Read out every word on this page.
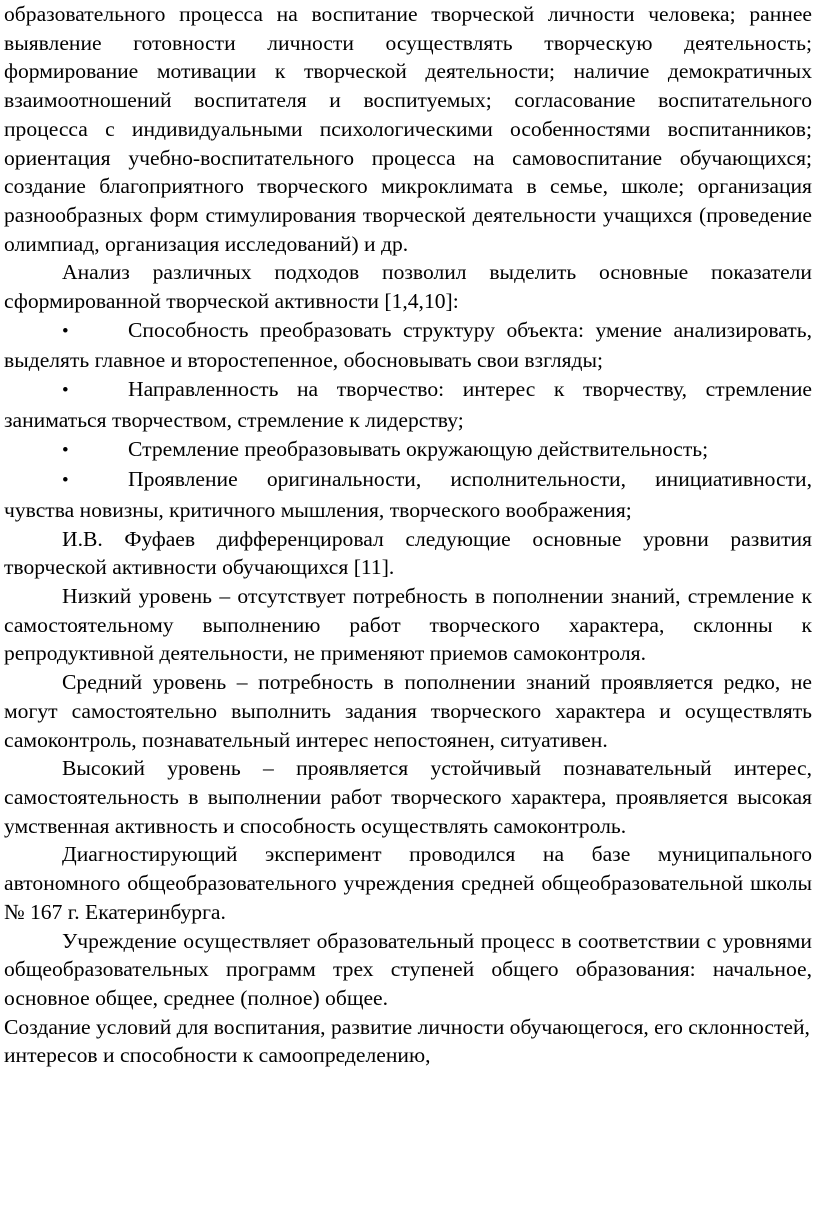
образовательного процесса на воспитание творческой личности человека; раннее выявление готовности личности осуществлять творческую деятельность; формирование мотивации к творческой деятельности; наличие демократичных взаимоотношений воспитателя и воспитуемых; согласование воспитательного процесса с индивидуальными психологическими особенностями воспитанников; ориентация учебно-воспитательного процесса на самовоспитание обучающихся; создание благоприятного творческого микроклимата в семье, школе; организация разнообразных форм стимулирования творческой деятельности учащихся (проведение олимпиад, организация исследований) и др.

Анализ различных подходов позволил выделить основные показатели сформированной творческой активности [1,4,10]:

•	Способность преобразовать структуру объекта: умение анализировать, выделять главное и второстепенное, обосновывать свои взгляды;

•	Направленность на творчество: интерес к творчеству, стремление заниматься творчеством, стремление к лидерству;

•	Стремление преобразовывать окружающую действительность;

•	Проявление оригинальности, исполнительности, инициативности, чувства новизны, критичного мышления, творческого воображения;

И.В. Фуфаев дифференцировал следующие основные уровни развития творческой активности обучающихся [11].

Низкий уровень – отсутствует потребность в пополнении знаний, стремление к самостоятельному выполнению работ творческого характера, склонны к репродуктивной деятельности, не применяют приемов самоконтроля.

Средний уровень – потребность в пополнении знаний проявляется редко, не могут самостоятельно выполнить задания творческого характера и осуществлять самоконтроль, познавательный интерес непостоянен, ситуативен.

Высокий уровень – проявляется устойчивый познавательный интерес, самостоятельность в выполнении работ творческого характера, проявляется высокая умственная активность и способность осуществлять самоконтроль.

Диагностирующий эксперимент проводился на базе муниципального автономного общеобразовательного учреждения средней общеобразовательной школы № 167 г. Екатеринбурга.

Учреждение осуществляет образовательный процесс в соответствии с уровнями общеобразовательных программ трех ступеней общего образования: начальное, основное общее, среднее (полное) общее.

Создание условий для воспитания, развитие личности обучающегося, его склонностей, интересов и способности к самоопределению,
